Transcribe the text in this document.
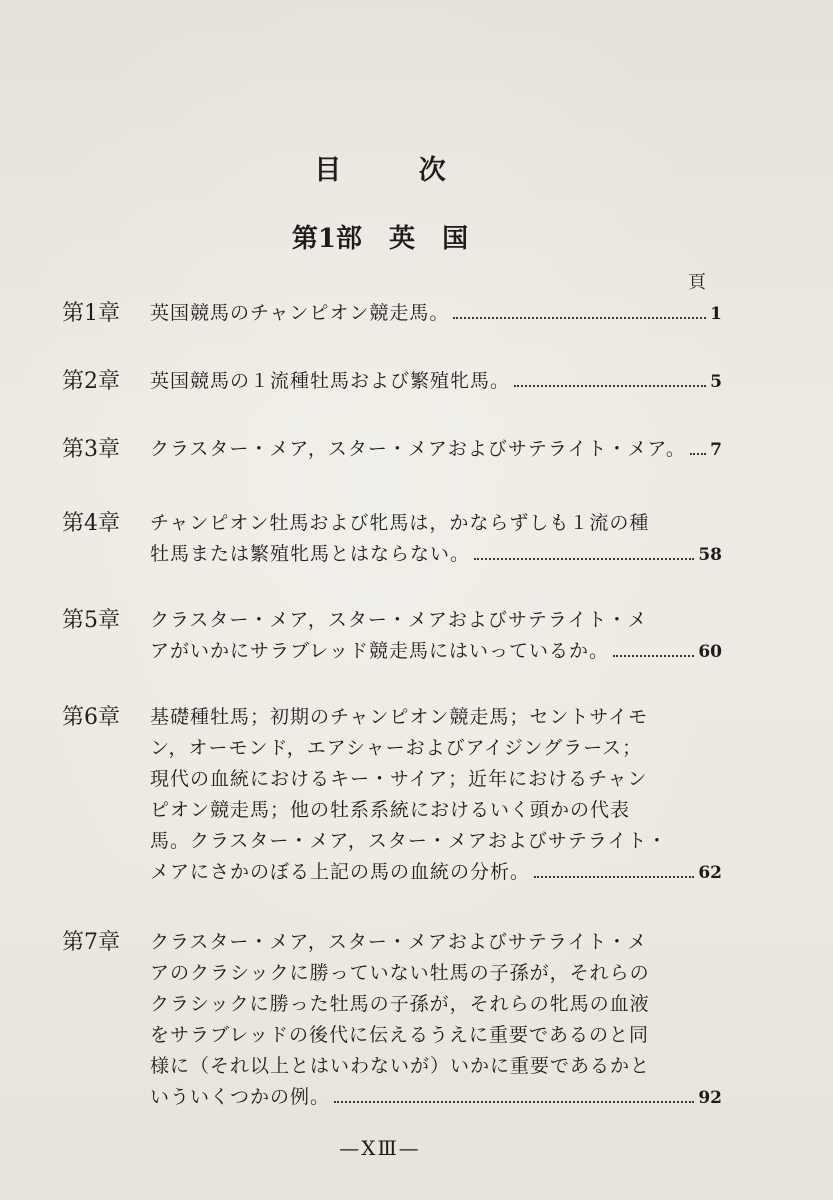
目 次
第1部 英 国
頁
第1章 英国競馬のチャンピオン競走馬。	1
第2章 英国競馬の１流種牡馬および繁殖牝馬。	5
第3章 クラスター・メア，スター・メアおよびサテライト・メア。 7
第4章 チャンピオン牡馬および牝馬は，かならずしも１流の種
牡馬または繁殖牝馬とはならない。	58
第5章 クラスター・メア，スター・メアおよびサテライト・メ
アがいかにサラブレッド競走馬にはいっているか。	60
第6章 基礎種牡馬；初期のチャンピオン競走馬；セントサイモ
ン，オーモンド，エアシャーおよびアイジングラース；
現代の血統におけるキー・サイア；近年におけるチャン
ピオン競走馬；他の牡系系統におけるいく頭かの代表
馬。クラスター・メア，スター・メアおよびサテライト・
メアにさかのぼる上記の馬の血統の分析。	62
第7章 クラスター・メア，スター・メアおよびサテライト・メ
アのクラシックに勝っていない牡馬の子孫が，それらの
クラシックに勝った牡馬の子孫が，それらの牝馬の血液
をサラブレッドの後代に伝えるうえに重要であるのと同
様に（それ以上とはいわないが）いかに重要であるかと
いういくつかの例。	92
—XⅢ—
